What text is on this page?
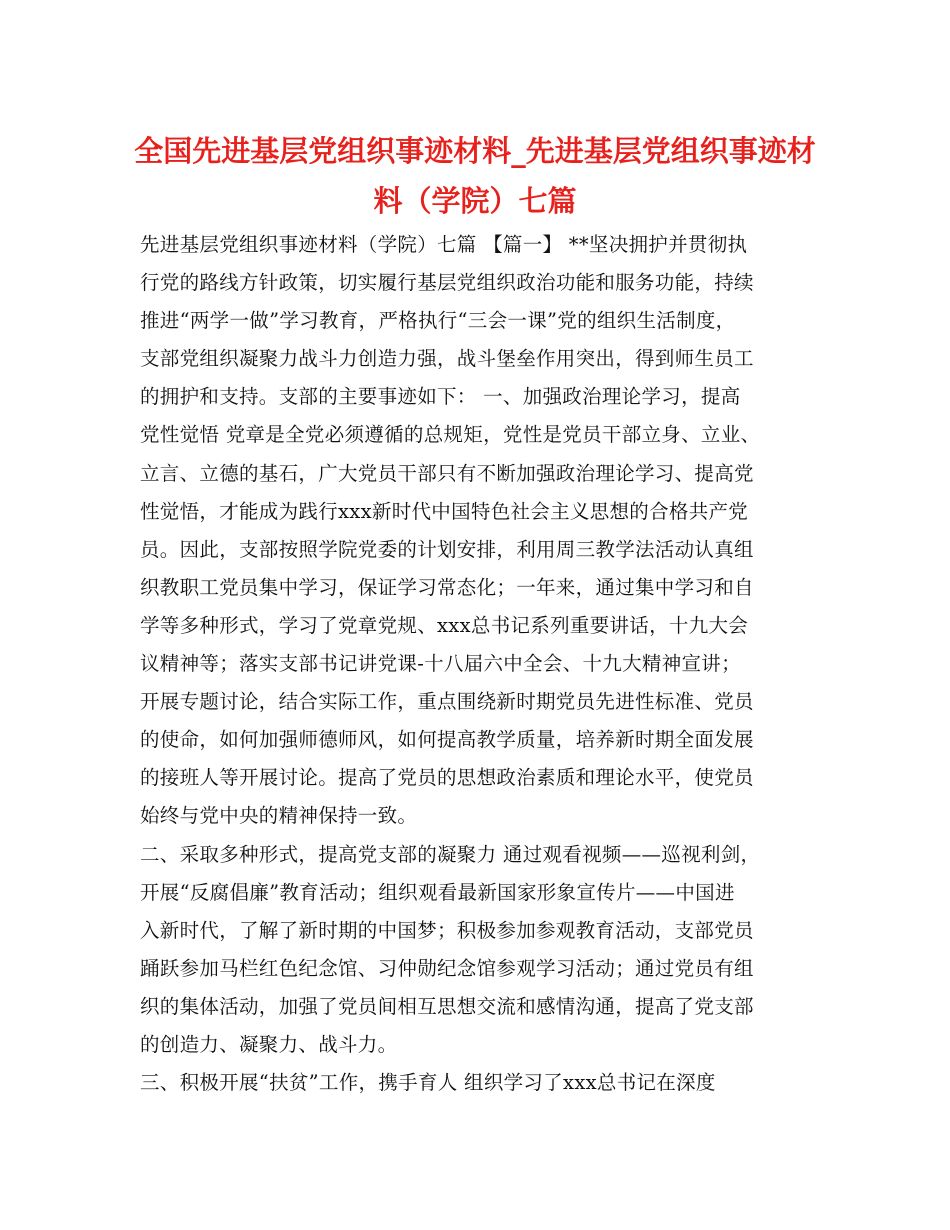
全国先进基层党组织事迹材料_先进基层党组织事迹材
料（学院）七篇

先进基层党组织事迹材料（学院）七篇 【篇一】 **坚决拥护并贯彻执
行党的路线方针政策，切实履行基层党组织政治功能和服务功能，持续
推进“两学一做”学习教育，严格执行“三会一课”党的组织生活制度，
支部党组织凝聚力战斗力创造力强，战斗堡垒作用突出，得到师生员工
的拥护和支持。支部的主要事迹如下： 一、加强政治理论学习，提高
党性觉悟 党章是全党必须遵循的总规矩，党性是党员干部立身、立业、
立言、立德的基石，广大党员干部只有不断加强政治理论学习、提高党
性觉悟，才能成为践行xxx新时代中国特色社会主义思想的合格共产党
员。因此，支部按照学院党委的计划安排，利用周三教学法活动认真组
织教职工党员集中学习，保证学习常态化；一年来，通过集中学习和自
学等多种形式，学习了党章党规、xxx总书记系列重要讲话，十九大会
议精神等；落实支部书记讲党课-十八届六中全会、十九大精神宣讲；
开展专题讨论，结合实际工作，重点围绕新时期党员先进性标准、党员
的使命，如何加强师德师风，如何提高教学质量，培养新时期全面发展
的接班人等开展讨论。提高了党员的思想政治素质和理论水平，使党员
始终与党中央的精神保持一致。

二、采取多种形式，提高党支部的凝聚力 通过观看视频——巡视利剑，
开展“反腐倡廉”教育活动；组织观看最新国家形象宣传片——中国进
入新时代，了解了新时期的中国梦；积极参加参观教育活动，支部党员
踊跃参加马栏红色纪念馆、习仲勋纪念馆参观学习活动；通过党员有组
织的集体活动，加强了党员间相互思想交流和感情沟通，提高了党支部
的创造力、凝聚力、战斗力。

三、积极开展“扶贫”工作，携手育人 组织学习了xxx总书记在深度
